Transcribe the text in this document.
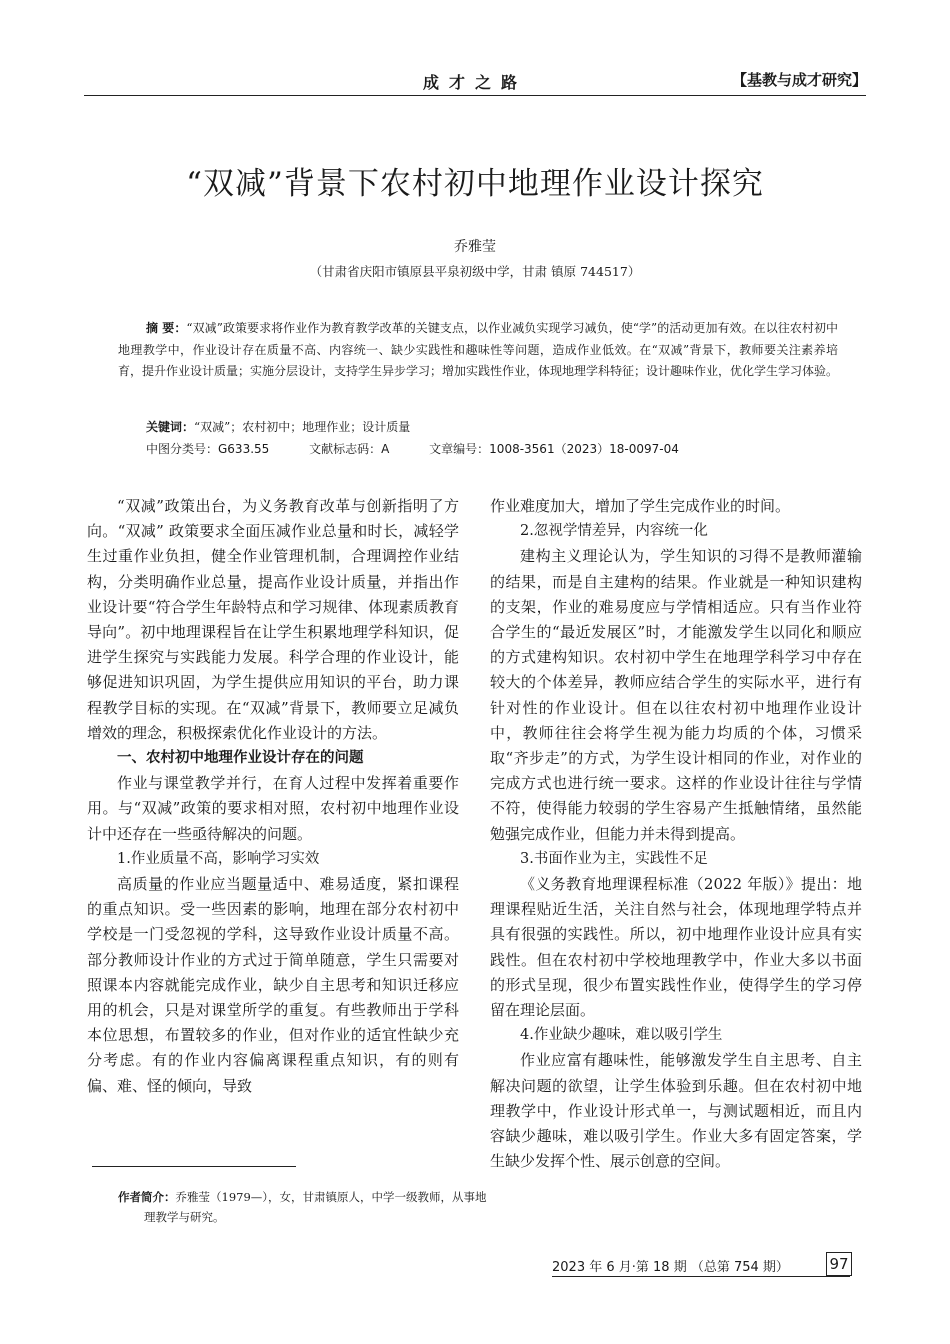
成才之路	【基教与成才研究】
“双减”背景下农村初中地理作业设计探究
乔雅莹
（甘肃省庆阳市镇原县平泉初级中学，甘肃 镇原 744517）

摘 要：“双减”政策要求将作业作为教育教学改革的关键支点，以作业减负实现学习减负，使“学”的活动更加有效。在以往农村初中地理教学中，作业设计存在质量不高、内容统一、缺少实践性和趣味性等问题，造成作业低效。在“双减”背景下，教师要关注素养培育，提升作业设计质量；实施分层设计，支持学生异步学习；增加实践性作业，体现地理学科特征；设计趣味作业，优化学生学习体验。

关键词：“双减”；农村初中；地理作业；设计质量
中图分类号：G633.55	文献标志码：A	文章编号：1008-3561（2023）18-0097-04

“双减”政策出台，为义务教育改革与创新指明了方向。“双减” 政策要求全面压减作业总量和时长，减轻学生过重作业负担，健全作业管理机制，合理调控作业结构，分类明确作业总量，提高作业设计质量，并指出作业设计要“符合学生年龄特点和学习规律、体现素质教育导向”。初中地理课程旨在让学生积累地理学科知识，促进学生探究与实践能力发展。科学合理的作业设计，能够促进知识巩固，为学生提供应用知识的平台，助力课程教学目标的实现。在“双减”背景下，教师要立足减负增效的理念，积极探索优化作业设计的方法。

一、农村初中地理作业设计存在的问题

作业与课堂教学并行，在育人过程中发挥着重要作用。与“双减”政策的要求相对照，农村初中地理作业设计中还存在一些亟待解决的问题。

1.作业质量不高，影响学习实效

高质量的作业应当题量适中、难易适度，紧扣课程的重点知识。受一些因素的影响，地理在部分农村初中学校是一门受忽视的学科，这导致作业设计质量不高。部分教师设计作业的方式过于简单随意，学生只需要对照课本内容就能完成作业，缺少自主思考和知识迁移应用的机会，只是对课堂所学的重复。有些教师出于学科本位思想，布置较多的作业，但对作业的适宜性缺少充分考虑。有的作业内容偏离课程重点知识，有的则有偏、难、怪的倾向，导致

作业难度加大，增加了学生完成作业的时间。

2.忽视学情差异，内容统一化

建构主义理论认为，学生知识的习得不是教师灌输的结果，而是自主建构的结果。作业就是一种知识建构的支架，作业的难易度应与学情相适应。只有当作业符合学生的“最近发展区”时，才能激发学生以同化和顺应的方式建构知识。农村初中学生在地理学科学习中存在较大的个体差异，教师应结合学生的实际水平，进行有针对性的作业设计。但在以往农村初中地理作业设计中，教师往往会将学生视为能力均质的个体，习惯采取“齐步走”的方式，为学生设计相同的作业，对作业的完成方式也进行统一要求。这样的作业设计往往与学情不符，使得能力较弱的学生容易产生抵触情绪，虽然能勉强完成作业，但能力并未得到提高。

3.书面作业为主，实践性不足

《义务教育地理课程标准（2022 年版）》提出：地理课程贴近生活，关注自然与社会，体现地理学特点并具有很强的实践性。所以，初中地理作业设计应具有实践性。但在农村初中学校地理教学中，作业大多以书面的形式呈现，很少布置实践性作业，使得学生的学习停留在理论层面。

4.作业缺少趣味，难以吸引学生

作业应富有趣味性，能够激发学生自主思考、自主解决问题的欲望，让学生体验到乐趣。但在农村初中地理教学中，作业设计形式单一，与测试题相近，而且内容缺少趣味，难以吸引学生。作业大多有固定答案，学生缺少发挥个性、展示创意的空间。

作者简介：乔雅莹（1979—），女，甘肃镇原人，中学一级教师，从事地理教学与研究。

2023 年 6 月·第 18 期 （总第 754 期）	97
